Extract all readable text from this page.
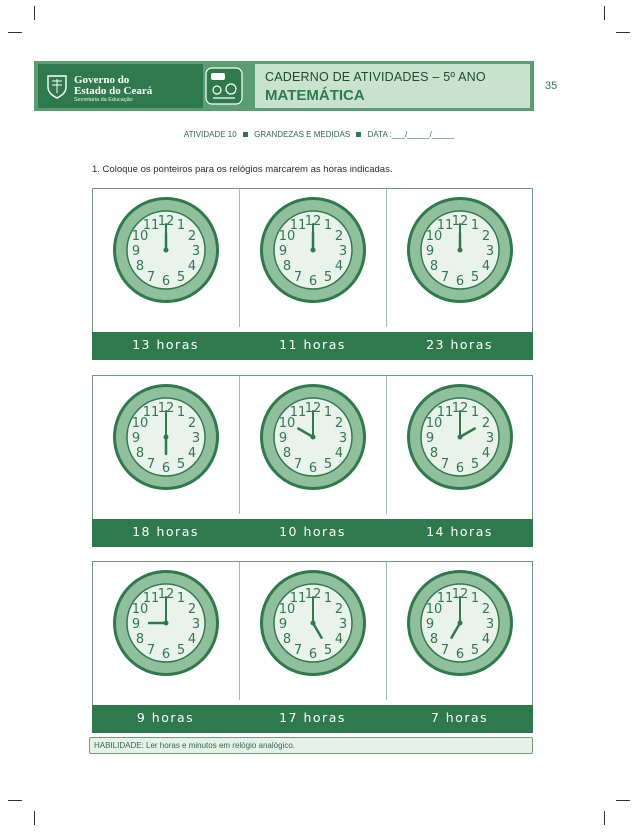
Governo do
Estado do Ceará
Secretaria da Educação
CADERNO DE ATIVIDADES – 5º ANO
MATEMÁTICA
35
ATIVIDADE 10 GRANDEZAS E MEDIDAS DATA :___/_____/_____
1. Coloque os ponteiros para os relógios marcarem as horas indicadas.
12 1
2
3
4
5
6
7
8
9
10
11	12 1
2
3
4
5
6
7
8
9
10
11	12 1
2
3
4
5
6
7
8
9
10
11
13 horas	11 horas	23 horas
12 1
2
3
4
5
6
7
8
9
10
11	12 1
2
3
4
5
6
7
8
9
10
11	12 1
2
3
4
5
6
7
8
9
10
11
18 horas	10 horas	14 horas
12 1
2
3
4
5
6
7
8
9
10
11	12 1
2
3
4
5
6
7
8
9
10
11	12 1
2
3
4
5
6
7
8
9
10
11
9 horas	17 horas	7 horas
HABILIDADE: Ler horas e minutos em relógio analógico.
